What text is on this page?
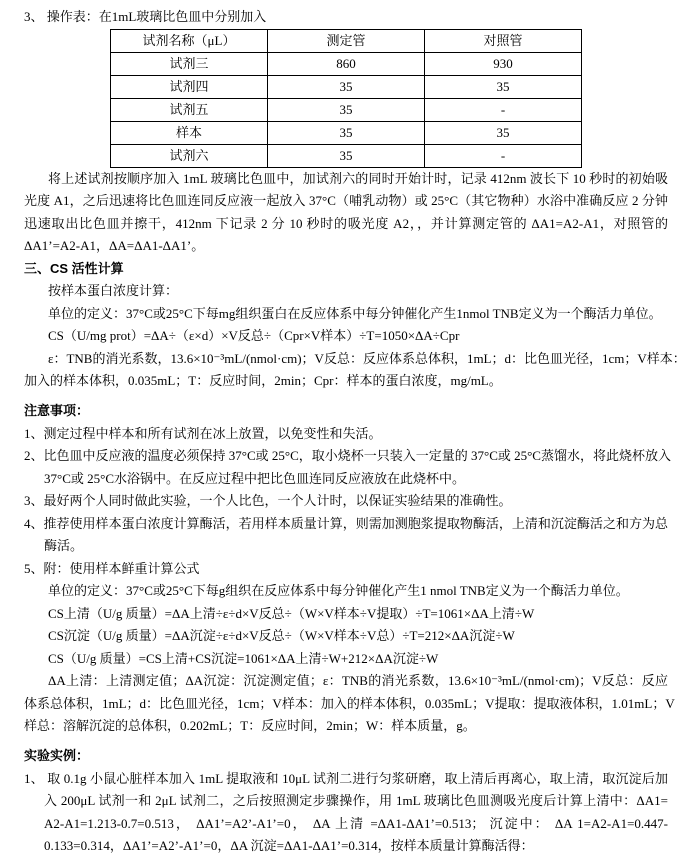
3、 操作表：在1mL玻璃比色皿中分别加入
试剂名称（μL）	测定管	对照管
试剂三	860	930
试剂四	35	35
试剂五	35	-
样本	35	35
试剂六	35	-
将上述试剂按顺序加入 1mL 玻璃比色皿中，加试剂六的同时开始计时，记录 412nm 波长下 10 秒时的初始吸
光度 A1，之后迅速将比色皿连同反应液一起放入 37°C（哺乳动物）或 25°C（其它物种）水浴中准确反应 2 分钟
迅速取出比色皿并擦干，412nm 下记录 2 分 10 秒时的吸光度 A2，，并计算测定管的 ΔA1=A2-A1，对照管的
ΔA1’=A2-A1，ΔA=ΔA1-ΔA1’。
三、CS 活性计算
按样本蛋白浓度计算：
单位的定义：37°C或25°C下每mg组织蛋白在反应体系中每分钟催化产生1nmol TNB定义为一个酶活力单位。
CS（U/mg prot）=ΔA÷（ε×d）×V反总÷（Cpr×V样本）÷T=1050×ΔA÷Cpr
ε：TNB的消光系数，13.6×10⁻³mL/(nmol·cm)；V反总：反应体系总体积，1mL；d：比色皿光径，1cm；V样本：
加入的样本体积，0.035mL；T：反应时间，2min；Cpr：样本的蛋白浓度，mg/mL。
注意事项：
1、测定过程中样本和所有试剂在冰上放置，以免变性和失活。
2、比色皿中反应液的温度必须保持 37°C或 25°C，取小烧杯一只装入一定量的 37°C或 25°C蒸馏水，将此烧杯放入
37°C或 25°C水浴锅中。在反应过程中把比色皿连同反应液放在此烧杯中。
3、最好两个人同时做此实验，一个人比色，一个人计时，以保证实验结果的准确性。
4、推荐使用样本蛋白浓度计算酶活，若用样本质量计算，则需加测胞浆提取物酶活，上清和沉淀酶活之和方为总
酶活。
5、附：使用样本鲜重计算公式
单位的定义：37°C或25°C下每g组织在反应体系中每分钟催化产生1 nmol TNB定义为一个酶活力单位。
CS上清（U/g 质量）=ΔA上清÷ε÷d×V反总÷（W×V样本÷V提取）÷T=1061×ΔA上清÷W
CS沉淀（U/g 质量）=ΔA沉淀÷ε÷d×V反总÷（W×V样本÷V总）÷T=212×ΔA沉淀÷W
CS（U/g 质量）=CS上清+CS沉淀=1061×ΔA上清÷W+212×ΔA沉淀÷W
ΔA上清：上清测定值；ΔA沉淀：沉淀测定值；ε：TNB的消光系数，13.6×10⁻³mL/(nmol·cm)；V反总：反应
体系总体积，1mL；d：比色皿光径，1cm；V样本：加入的样本体积，0.035mL；V提取：提取液体积，1.01mL；V
样总：溶解沉淀的总体积，0.202mL；T：反应时间，2min；W：样本质量，g。
实验实例：
1、 取 0.1g 小鼠心脏样本加入 1mL 提取液和 10μL 试剂二进行匀浆研磨，取上清后再离心，取上清，取沉淀后加
入 200μL 试剂一和 2μL 试剂二，之后按照测定步骤操作，用 1mL 玻璃比色皿测吸光度后计算上清中：ΔA1=
A2-A1=1.213-0.7=0.513， ΔA1’=A2’-A1’=0， ΔA 上清 =ΔA1-ΔA1’=0.513； 沉淀中： ΔA 1=A2-A1=0.447-
0.133=0.314，ΔA1’=A2’-A1’=0，ΔA 沉淀=ΔA1-ΔA1’=0.314，按样本质量计算酶活得：
